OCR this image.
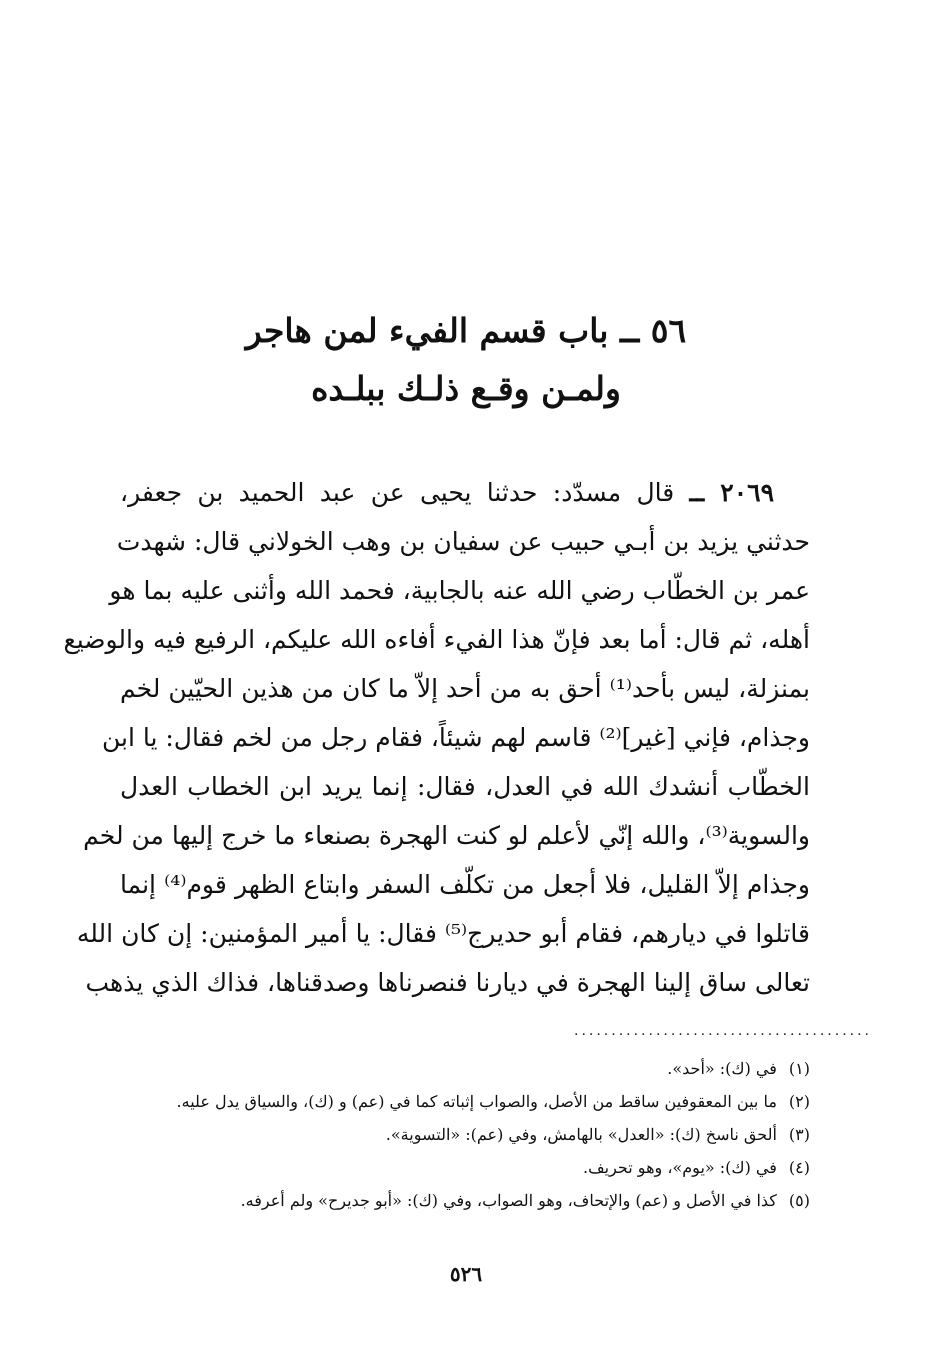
٥٦ ــ باب قسم الفيء لمن هاجر
ولمـن وقـع ذلـك ببلـده
٢٠٦٩ ــ قال مسدّد: حدثنا يحيى عن عبد الحميد بن جعفر،
حدثني يزيد بن أبـي حبيب عن سفيان بن وهب الخولاني قال: شهدت
عمر بن الخطّاب رضي الله عنه بالجابية، فحمد الله وأثنى عليه بما هو
أهله، ثم قال: أما بعد فإنّ هذا الفيء أفاءه الله عليكم، الرفيع فيه والوضيع
بمنزلة، ليس بأحد⁽¹⁾ أحق به من أحد إلاّ ما كان من هذين الحيّين لخم
وجذام، فإني [غير]⁽²⁾ قاسم لهم شيئاً، فقام رجل من لخم فقال: يا ابن
الخطّاب أنشدك الله في العدل، فقال: إنما يريد ابن الخطاب العدل
والسوية⁽³⁾، والله إنّي لأعلم لو كنت الهجرة بصنعاء ما خرج إليها من لخم
وجذام إلاّ القليل، فلا أجعل من تكلّف السفر وابتاع الظهر قوم⁽⁴⁾ إنما
قاتلوا في ديارهم، فقام أبو حديرج⁽⁵⁾ فقال: يا أمير المؤمنين: إن كان الله
تعالى ساق إلينا الهجرة في ديارنا فنصرناها وصدقناها، فذاك الذي يذهب
........................................
(١)في (ك): «أحد».
(٢)ما بين المعقوفين ساقط من الأصل، والصواب إثباته كما في (عم) و (ك)، والسياق يدل عليه.
(٣)ألحق ناسخ (ك): «العدل» بالهامش، وفي (عم): «التسوية».
(٤)في (ك): «يوم»، وهو تحريف.
(٥)كذا في الأصل و (عم) والإتحاف، وهو الصواب، وفي (ك): «أبو جديرح» ولم أعرفه.
٥٢٦
